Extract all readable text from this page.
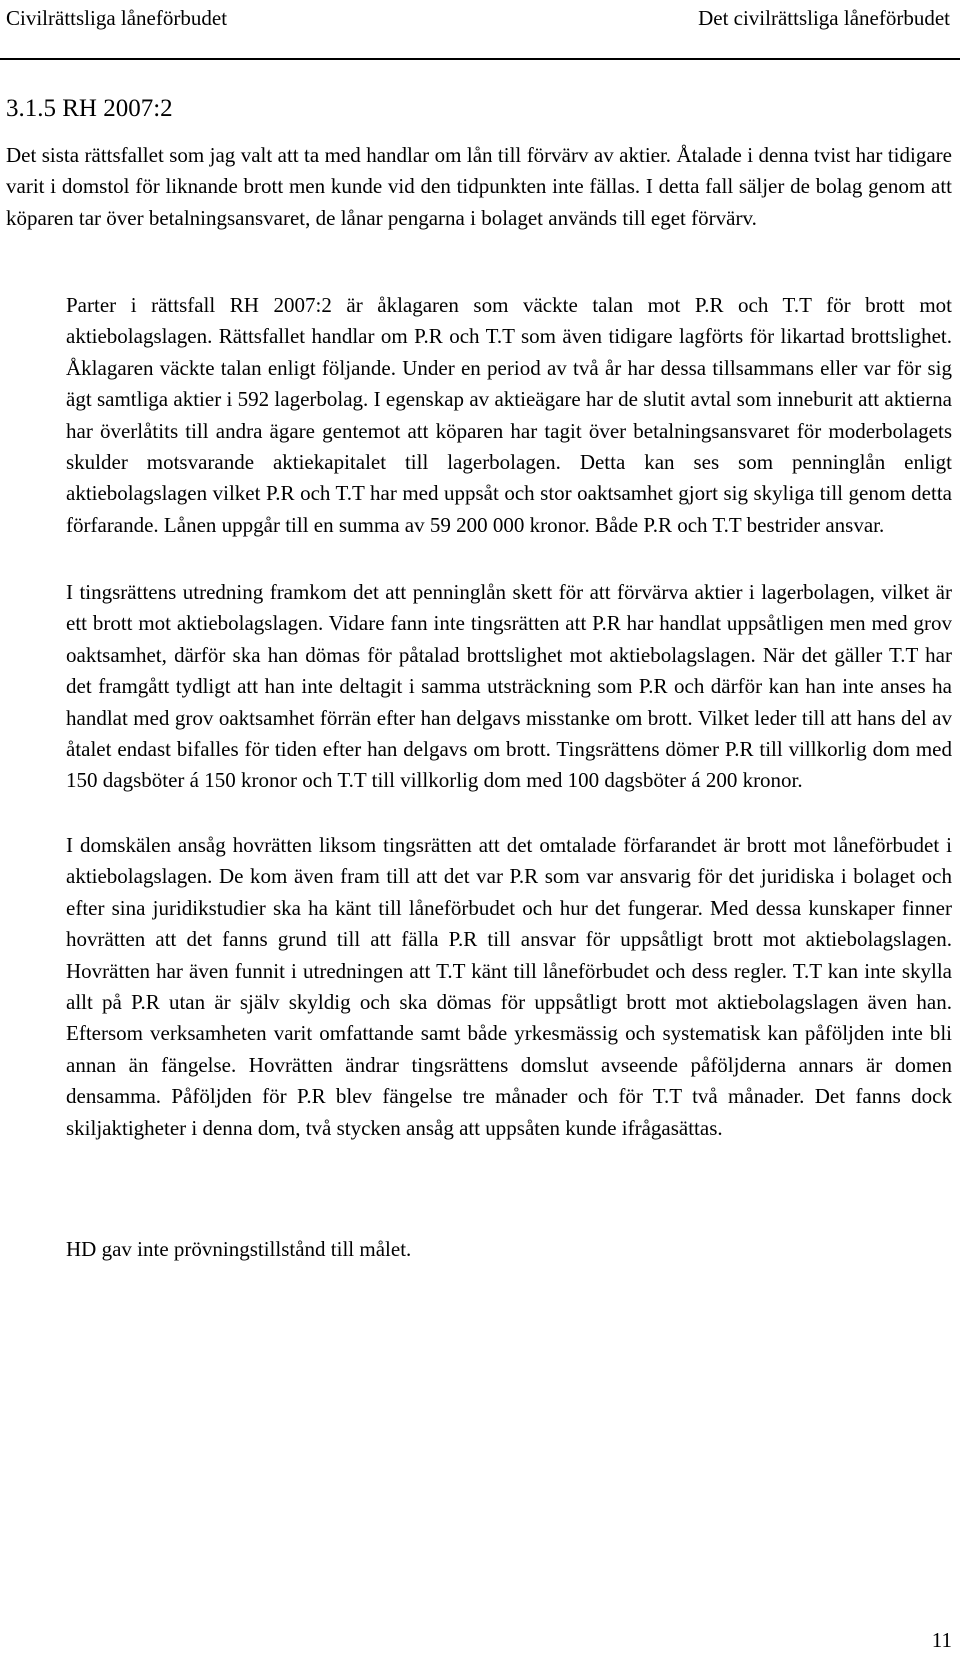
Civilrättsliga låneförbudet	Det civilrättsliga låneförbudet
3.1.5 RH 2007:2

Det sista rättsfallet som jag valt att ta med handlar om lån till förvärv av aktier. Åtalade i denna tvist har tidigare varit i domstol för liknande brott men kunde vid den tidpunkten inte fällas. I detta fall säljer de bolag genom att köparen tar över betalningsansvaret, de lånar pengarna i bolaget används till eget förvärv.

Parter i rättsfall RH 2007:2 är åklagaren som väckte talan mot P.R och T.T för brott mot aktiebolagslagen. Rättsfallet handlar om P.R och T.T som även tidigare lagförts för likartad brottslighet. Åklagaren väckte talan enligt följande. Under en period av två år har dessa tillsammans eller var för sig ägt samtliga aktier i 592 lagerbolag. I egenskap av aktieägare har de slutit avtal som inneburit att aktierna har överlåtits till andra ägare gentemot att köparen har tagit över betalningsansvaret för moderbolagets skulder motsvarande aktiekapitalet till lagerbolagen. Detta kan ses som penninglån enligt aktiebolagslagen vilket P.R och T.T har med uppsåt och stor oaktsamhet gjort sig skyliga till genom detta förfarande. Lånen uppgår till en summa av 59 200 000 kronor. Både P.R och T.T bestrider ansvar.

I tingsrättens utredning framkom det att penninglån skett för att förvärva aktier i lagerbolagen, vilket är ett brott mot aktiebolagslagen. Vidare fann inte tingsrätten att P.R har handlat uppsåtligen men med grov oaktsamhet, därför ska han dömas för påtalad brottslighet mot aktiebolagslagen. När det gäller T.T har det framgått tydligt att han inte deltagit i samma utsträckning som P.R och därför kan han inte anses ha handlat med grov oaktsamhet förrän efter han delgavs misstanke om brott. Vilket leder till att hans del av åtalet endast bifalles för tiden efter han delgavs om brott. Tingsrättens dömer P.R till villkorlig dom med 150 dagsböter á 150 kronor och T.T till villkorlig dom med 100 dagsböter á 200 kronor.

I domskälen ansåg hovrätten liksom tingsrätten att det omtalade förfarandet är brott mot låneförbudet i aktiebolagslagen. De kom även fram till att det var P.R som var ansvarig för det juridiska i bolaget och efter sina juridikstudier ska ha känt till låneförbudet och hur det fungerar. Med dessa kunskaper finner hovrätten att det fanns grund till att fälla P.R till ansvar för uppsåtligt brott mot aktiebolagslagen. Hovrätten har även funnit i utredningen att T.T känt till låneförbudet och dess regler. T.T kan inte skylla allt på P.R utan är själv skyldig och ska dömas för uppsåtligt brott mot aktiebolagslagen även han. Eftersom verksamheten varit omfattande samt både yrkesmässig och systematisk kan påföljden inte bli annan än fängelse. Hovrätten ändrar tingsrättens domslut avseende påföljderna annars är domen densamma. Påföljden för P.R blev fängelse tre månader och för T.T två månader. Det fanns dock skiljaktigheter i denna dom, två stycken ansåg att uppsåten kunde ifrågasättas.

HD gav inte prövningstillstånd till målet.

11
